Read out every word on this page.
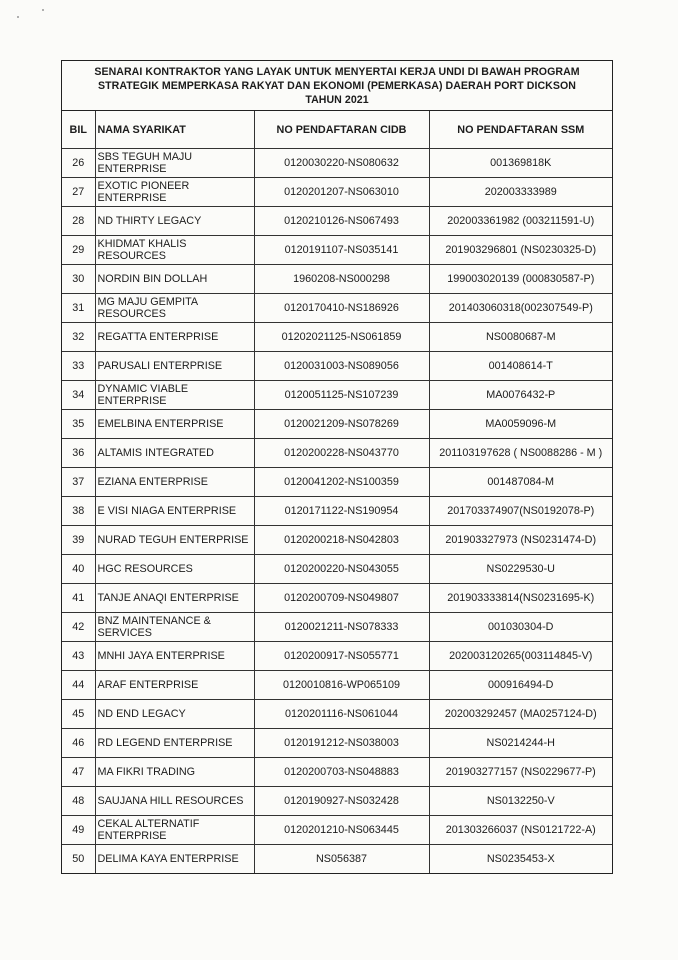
SENARAI KONTRAKTOR YANG LAYAK UNTUK MENYERTAI KERJA UNDI DI BAWAH PROGRAM
STRATEGIK MEMPERKASA RAKYAT DAN EKONOMI (PEMERKASA) DAERAH PORT DICKSON
TAHUN 2021
BIL	NAMA SYARIKAT	NO PENDAFTARAN CIDB	NO PENDAFTARAN SSM
26	SBS TEGUH MAJU ENTERPRISE	0120030220-NS080632	001369818K
27	EXOTIC PIONEER ENTERPRISE	0120201207-NS063010	202003333989
28	ND THIRTY LEGACY	0120210126-NS067493	202003361982 (003211591-U)
29	KHIDMAT KHALIS RESOURCES	0120191107-NS035141	201903296801 (NS0230325-D)
30	NORDIN BIN DOLLAH	1960208-NS000298	199003020139 (000830587-P)
31	MG MAJU GEMPITA RESOURCES	0120170410-NS186926	201403060318(002307549-P)
32	REGATTA ENTERPRISE	01202021125-NS061859	NS0080687-M
33	PARUSALI ENTERPRISE	0120031003-NS089056	001408614-T
34	DYNAMIC VIABLE ENTERPRISE	0120051125-NS107239	MA0076432-P
35	EMELBINA ENTERPRISE	0120021209-NS078269	MA0059096-M
36	ALTAMIS INTEGRATED	0120200228-NS043770	201103197628 ( NS0088286 - M )
37	EZIANA ENTERPRISE	0120041202-NS100359	001487084-M
38	E VISI NIAGA ENTERPRISE	0120171122-NS190954	201703374907(NS0192078-P)
39	NURAD TEGUH ENTERPRISE	0120200218-NS042803	201903327973 (NS0231474-D)
40	HGC RESOURCES	0120200220-NS043055	NS0229530-U
41	TANJE ANAQI ENTERPRISE	0120200709-NS049807	201903333814(NS0231695-K)
42	BNZ MAINTENANCE & SERVICES	0120021211-NS078333	001030304-D
43	MNHI JAYA ENTERPRISE	0120200917-NS055771	202003120265(003114845-V)
44	ARAF ENTERPRISE	0120010816-WP065109	000916494-D
45	ND END LEGACY	0120201116-NS061044	202003292457 (MA0257124-D)
46	RD LEGEND ENTERPRISE	0120191212-NS038003	NS0214244-H
47	MA FIKRI TRADING	0120200703-NS048883	201903277157 (NS0229677-P)
48	SAUJANA HILL RESOURCES	0120190927-NS032428	NS0132250-V
49	CEKAL ALTERNATIF ENTERPRISE	0120201210-NS063445	201303266037 (NS0121722-A)
50	DELIMA KAYA ENTERPRISE	NS056387	NS0235453-X
